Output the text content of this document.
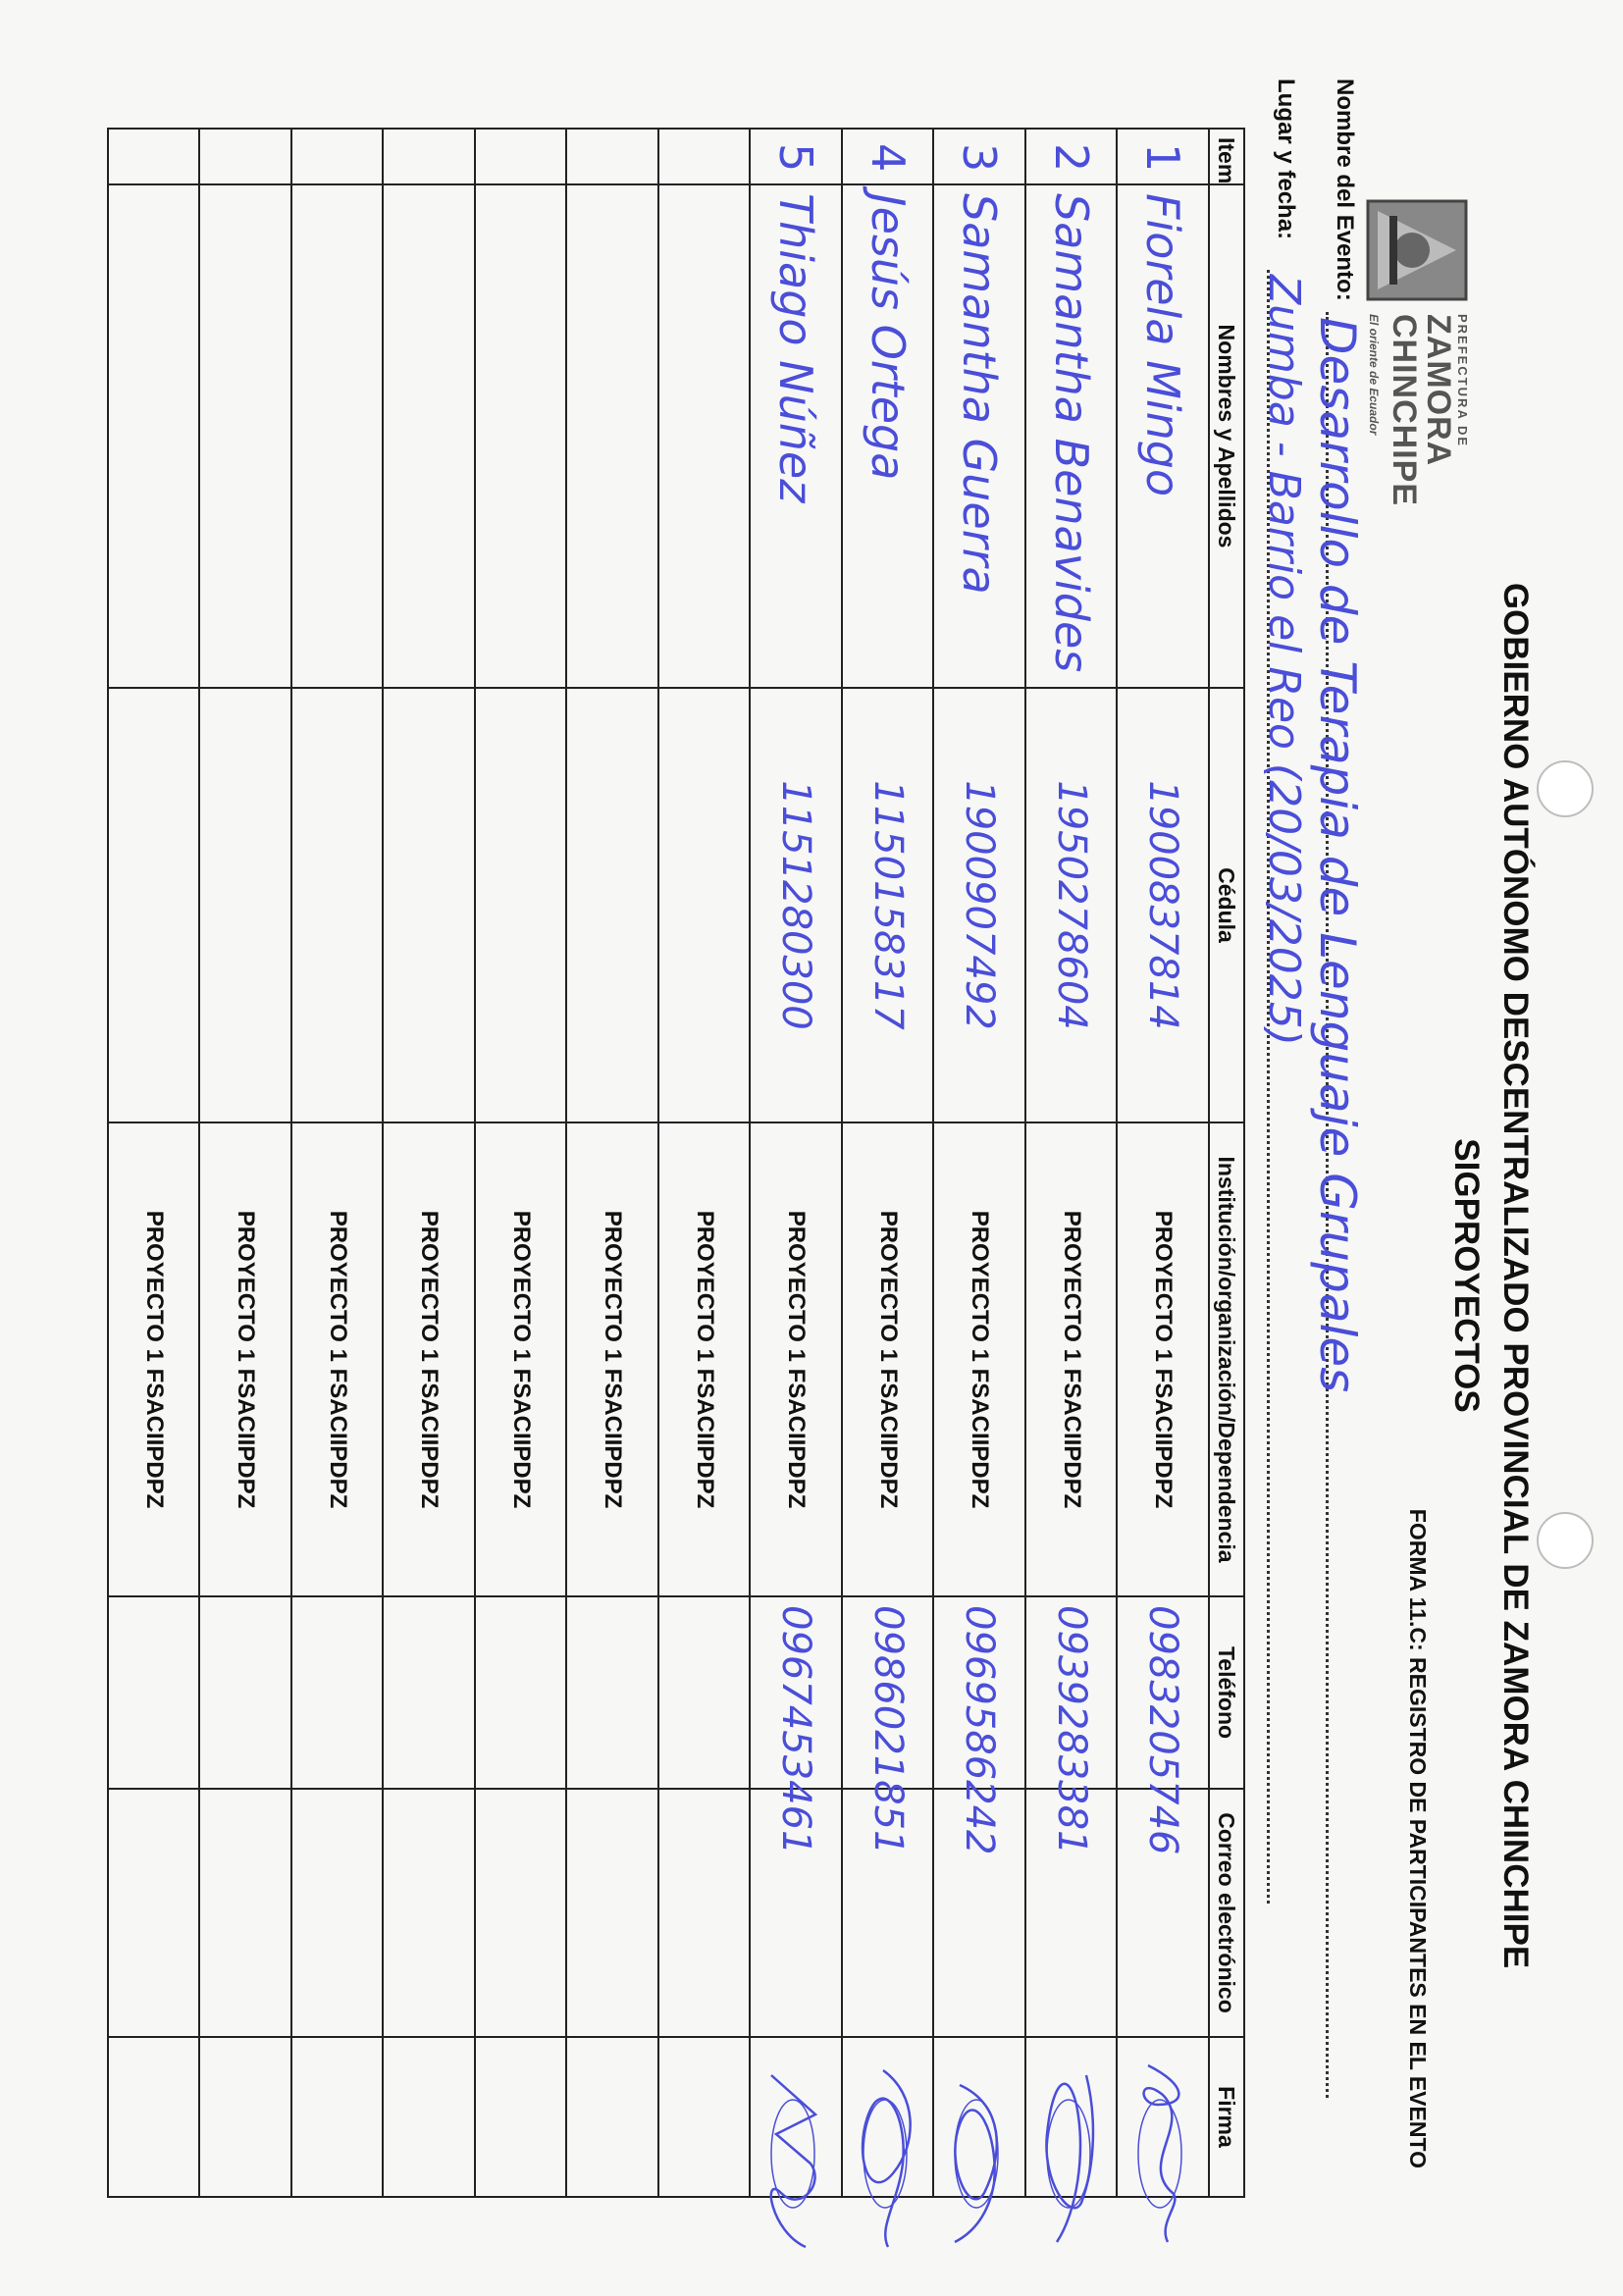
PREFECTURA DE
ZAMORA
CHINCHIPE
El oriente de Ecuador
GOBIERNO AUTÓNOMO DESCENTRALIZADO PROVINCIAL DE ZAMORA CHINCHIPE
SIGPROYECTOS
FORMA 11.C: REGISTRO DE PARTICIPANTES EN EL EVENTO
Nombre del Evento:
Desarrollo de Terapia de Lenguaje Grupales
Lugar y fecha:
Zumba - Barrio el Reo (20/03/2025)
Item	Nombres y Apellidos	Cédula	Institución/organización/Dependencia	Teléfono	Correo electrónico	Firma
1	Fiorela Mingo	1900837814	PROYECTO 1 FSACIIPDPZ	0983205746		

2	Samantha Benavides	1950278604	PROYECTO 1 FSACIIPDPZ	0939283381		

3	Samantha Guerra	1900907492	PROYECTO 1 FSACIIPDPZ	0969586242		

4	Jesús Ortega	1150158317	PROYECTO 1 FSACIIPDPZ	0986021851		

5	Thiago Núñez	1151280300	PROYECTO 1 FSACIIPDPZ	0967453461		

			PROYECTO 1 FSACIIPDPZ			
			PROYECTO 1 FSACIIPDPZ			
			PROYECTO 1 FSACIIPDPZ			
			PROYECTO 1 FSACIIPDPZ			
			PROYECTO 1 FSACIIPDPZ			
			PROYECTO 1 FSACIIPDPZ			
			PROYECTO 1 FSACIIPDPZ			
